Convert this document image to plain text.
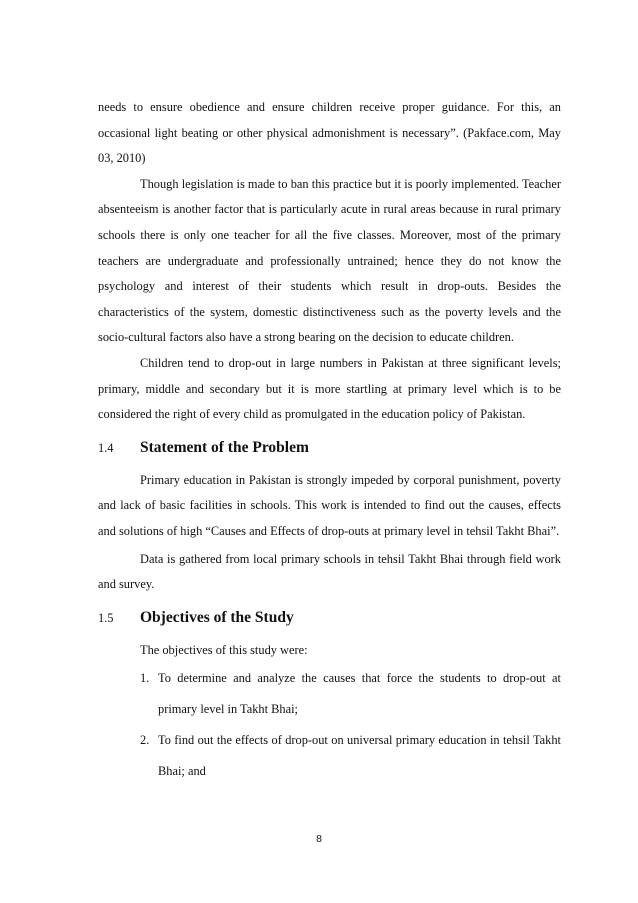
needs to ensure obedience and ensure children receive proper guidance. For this, an occasional light beating or other physical admonishment is necessary”. (Pakface.com, May 03, 2010)

Though legislation is made to ban this practice but it is poorly implemented. Teacher absenteeism is another factor that is particularly acute in rural areas because in rural primary schools there is only one teacher for all the five classes. Moreover, most of the primary teachers are undergraduate and professionally untrained; hence they do not know the psychology and interest of their students which result in drop-outs. Besides the characteristics of the system, domestic distinctiveness such as the poverty levels and the socio-cultural factors also have a strong bearing on the decision to educate children.

Children tend to drop-out in large numbers in Pakistan at three significant levels; primary, middle and secondary but it is more startling at primary level which is to be considered the right of every child as promulgated in the education policy of Pakistan.

1.4	Statement of the Problem

Primary education in Pakistan is strongly impeded by corporal punishment, poverty and lack of basic facilities in schools. This work is intended to find out the causes, effects and solutions of high “Causes and Effects of drop-outs at primary level in tehsil Takht Bhai”.

Data is gathered from local primary schools in tehsil Takht Bhai through field work and survey.

1.5	Objectives of the Study

The objectives of this study were:

1. To determine and analyze the causes that force the students to drop-out at primary level in Takht Bhai;
2. To find out the effects of drop-out on universal primary education in tehsil Takht Bhai; and
8
